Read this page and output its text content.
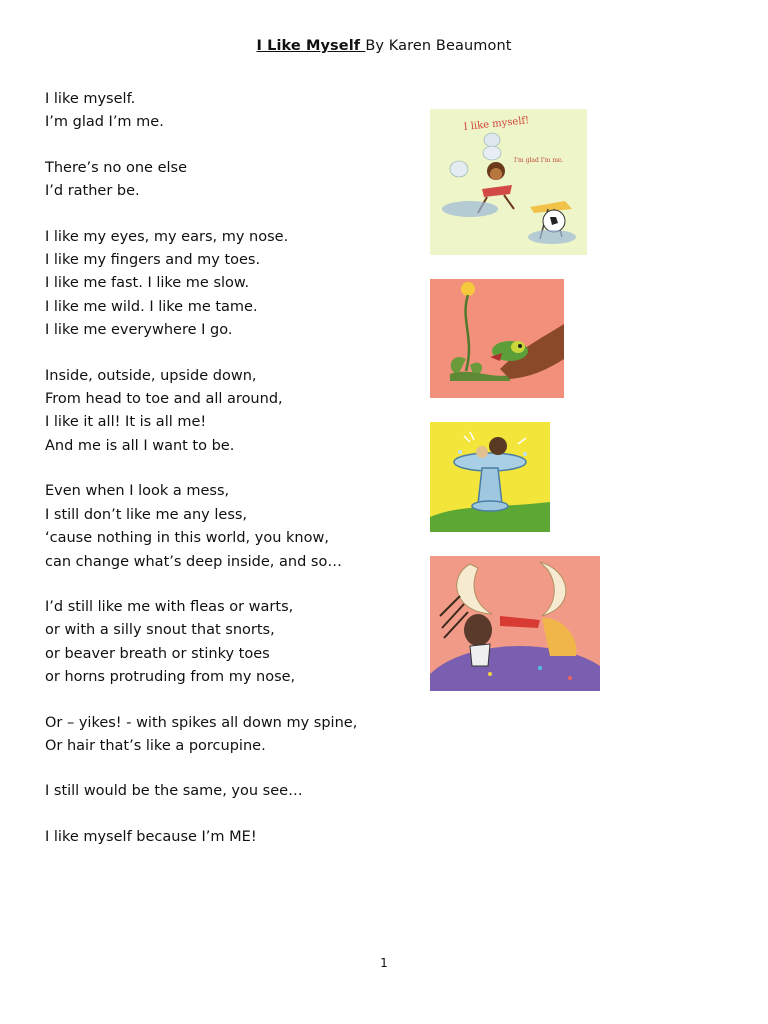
I Like Myself By Karen Beaumont
I like myself.
I’m glad I’m me.
There’s no one else
I’d rather be.
I like my eyes, my ears, my nose.
I like my fingers and my toes.
I like me fast. I like me slow.
I like me wild. I like me tame.
I like me everywhere I go.
Inside, outside, upside down,
From head to toe and all around,
I like it all! It is all me!
And me is all I want to be.
Even when I look a mess,
I still don’t like me any less,
‘cause nothing in this world, you know,
can change what’s deep inside, and so…
I’d still like me with fleas or warts,
or with a silly snout that snorts,
or beaver breath or stinky toes
or horns protruding from my nose,
Or – yikes! - with spikes all down my spine,
Or hair that’s like a porcupine.
I still would be the same, you see…
I like myself because I’m ME!
I like myself!
I'm glad I'm me.
1
